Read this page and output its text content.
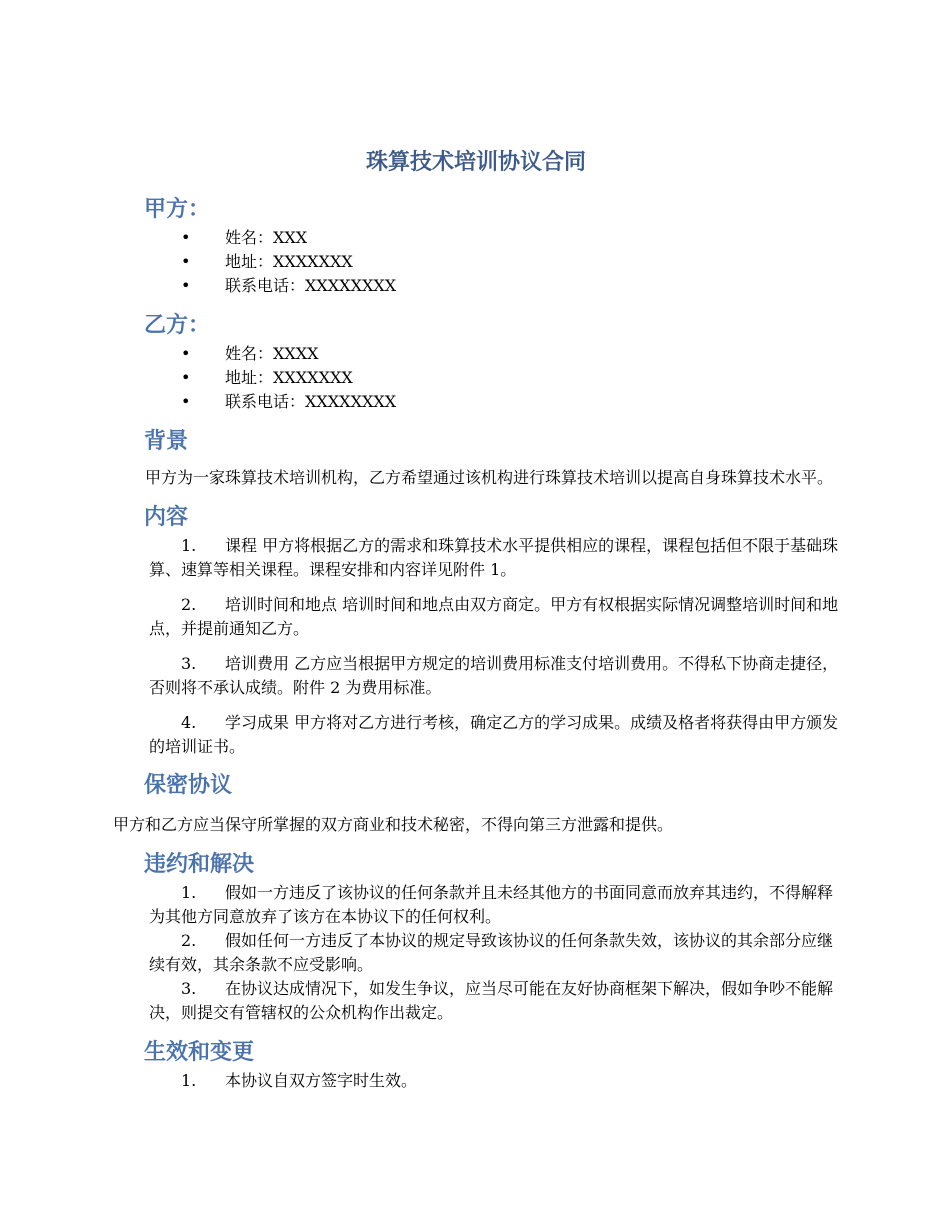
珠算技术培训协议合同
甲方：
• 姓名：XXX
• 地址：XXXXXXX
• 联系电话：XXXXXXXX
乙方：
• 姓名：XXXX
• 地址：XXXXXXX
• 联系电话：XXXXXXXX
背景

甲方为一家珠算技术培训机构，乙方希望通过该机构进行珠算技术培训以提高自身珠算技术水平。

内容
1.	课程 甲方将根据乙方的需求和珠算技术水平提供相应的课程，课程包括但不限于基础珠算、速算等相关课程。课程安排和内容详见附件 1。
2.	培训时间和地点 培训时间和地点由双方商定。甲方有权根据实际情况调整培训时间和地点，并提前通知乙方。
3.	培训费用 乙方应当根据甲方规定的培训费用标准支付培训费用。不得私下协商走捷径，否则将不承认成绩。附件 2 为费用标准。
4.	学习成果 甲方将对乙方进行考核，确定乙方的学习成果。成绩及格者将获得由甲方颁发的培训证书。
保密协议

甲方和乙方应当保守所掌握的双方商业和技术秘密，不得向第三方泄露和提供。

违约和解决
1.	假如一方违反了该协议的任何条款并且未经其他方的书面同意而放弃其违约，不得解释为其他方同意放弃了该方在本协议下的任何权利。
2.	假如任何一方违反了本协议的规定导致该协议的任何条款失效，该协议的其余部分应继续有效，其余条款不应受影响。
3.	在协议达成情况下，如发生争议，应当尽可能在友好协商框架下解决，假如争吵不能解决，则提交有管辖权的公众机构作出裁定。
生效和变更
1.	本协议自双方签字时生效。
